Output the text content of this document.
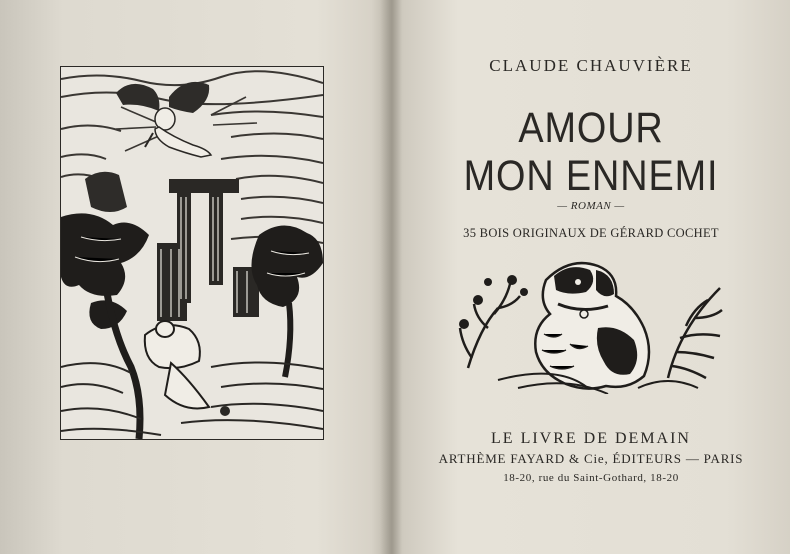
CLAUDE CHAUVIÈRE
AMOUR
MON ENNEMI
— ROMAN —
35 BOIS ORIGINAUX DE GÉRARD COCHET
LE LIVRE DE DEMAIN
ARTHÈME FAYARD & Cie, ÉDITEURS — PARIS
18-20, rue du Saint-Gothard, 18-20
